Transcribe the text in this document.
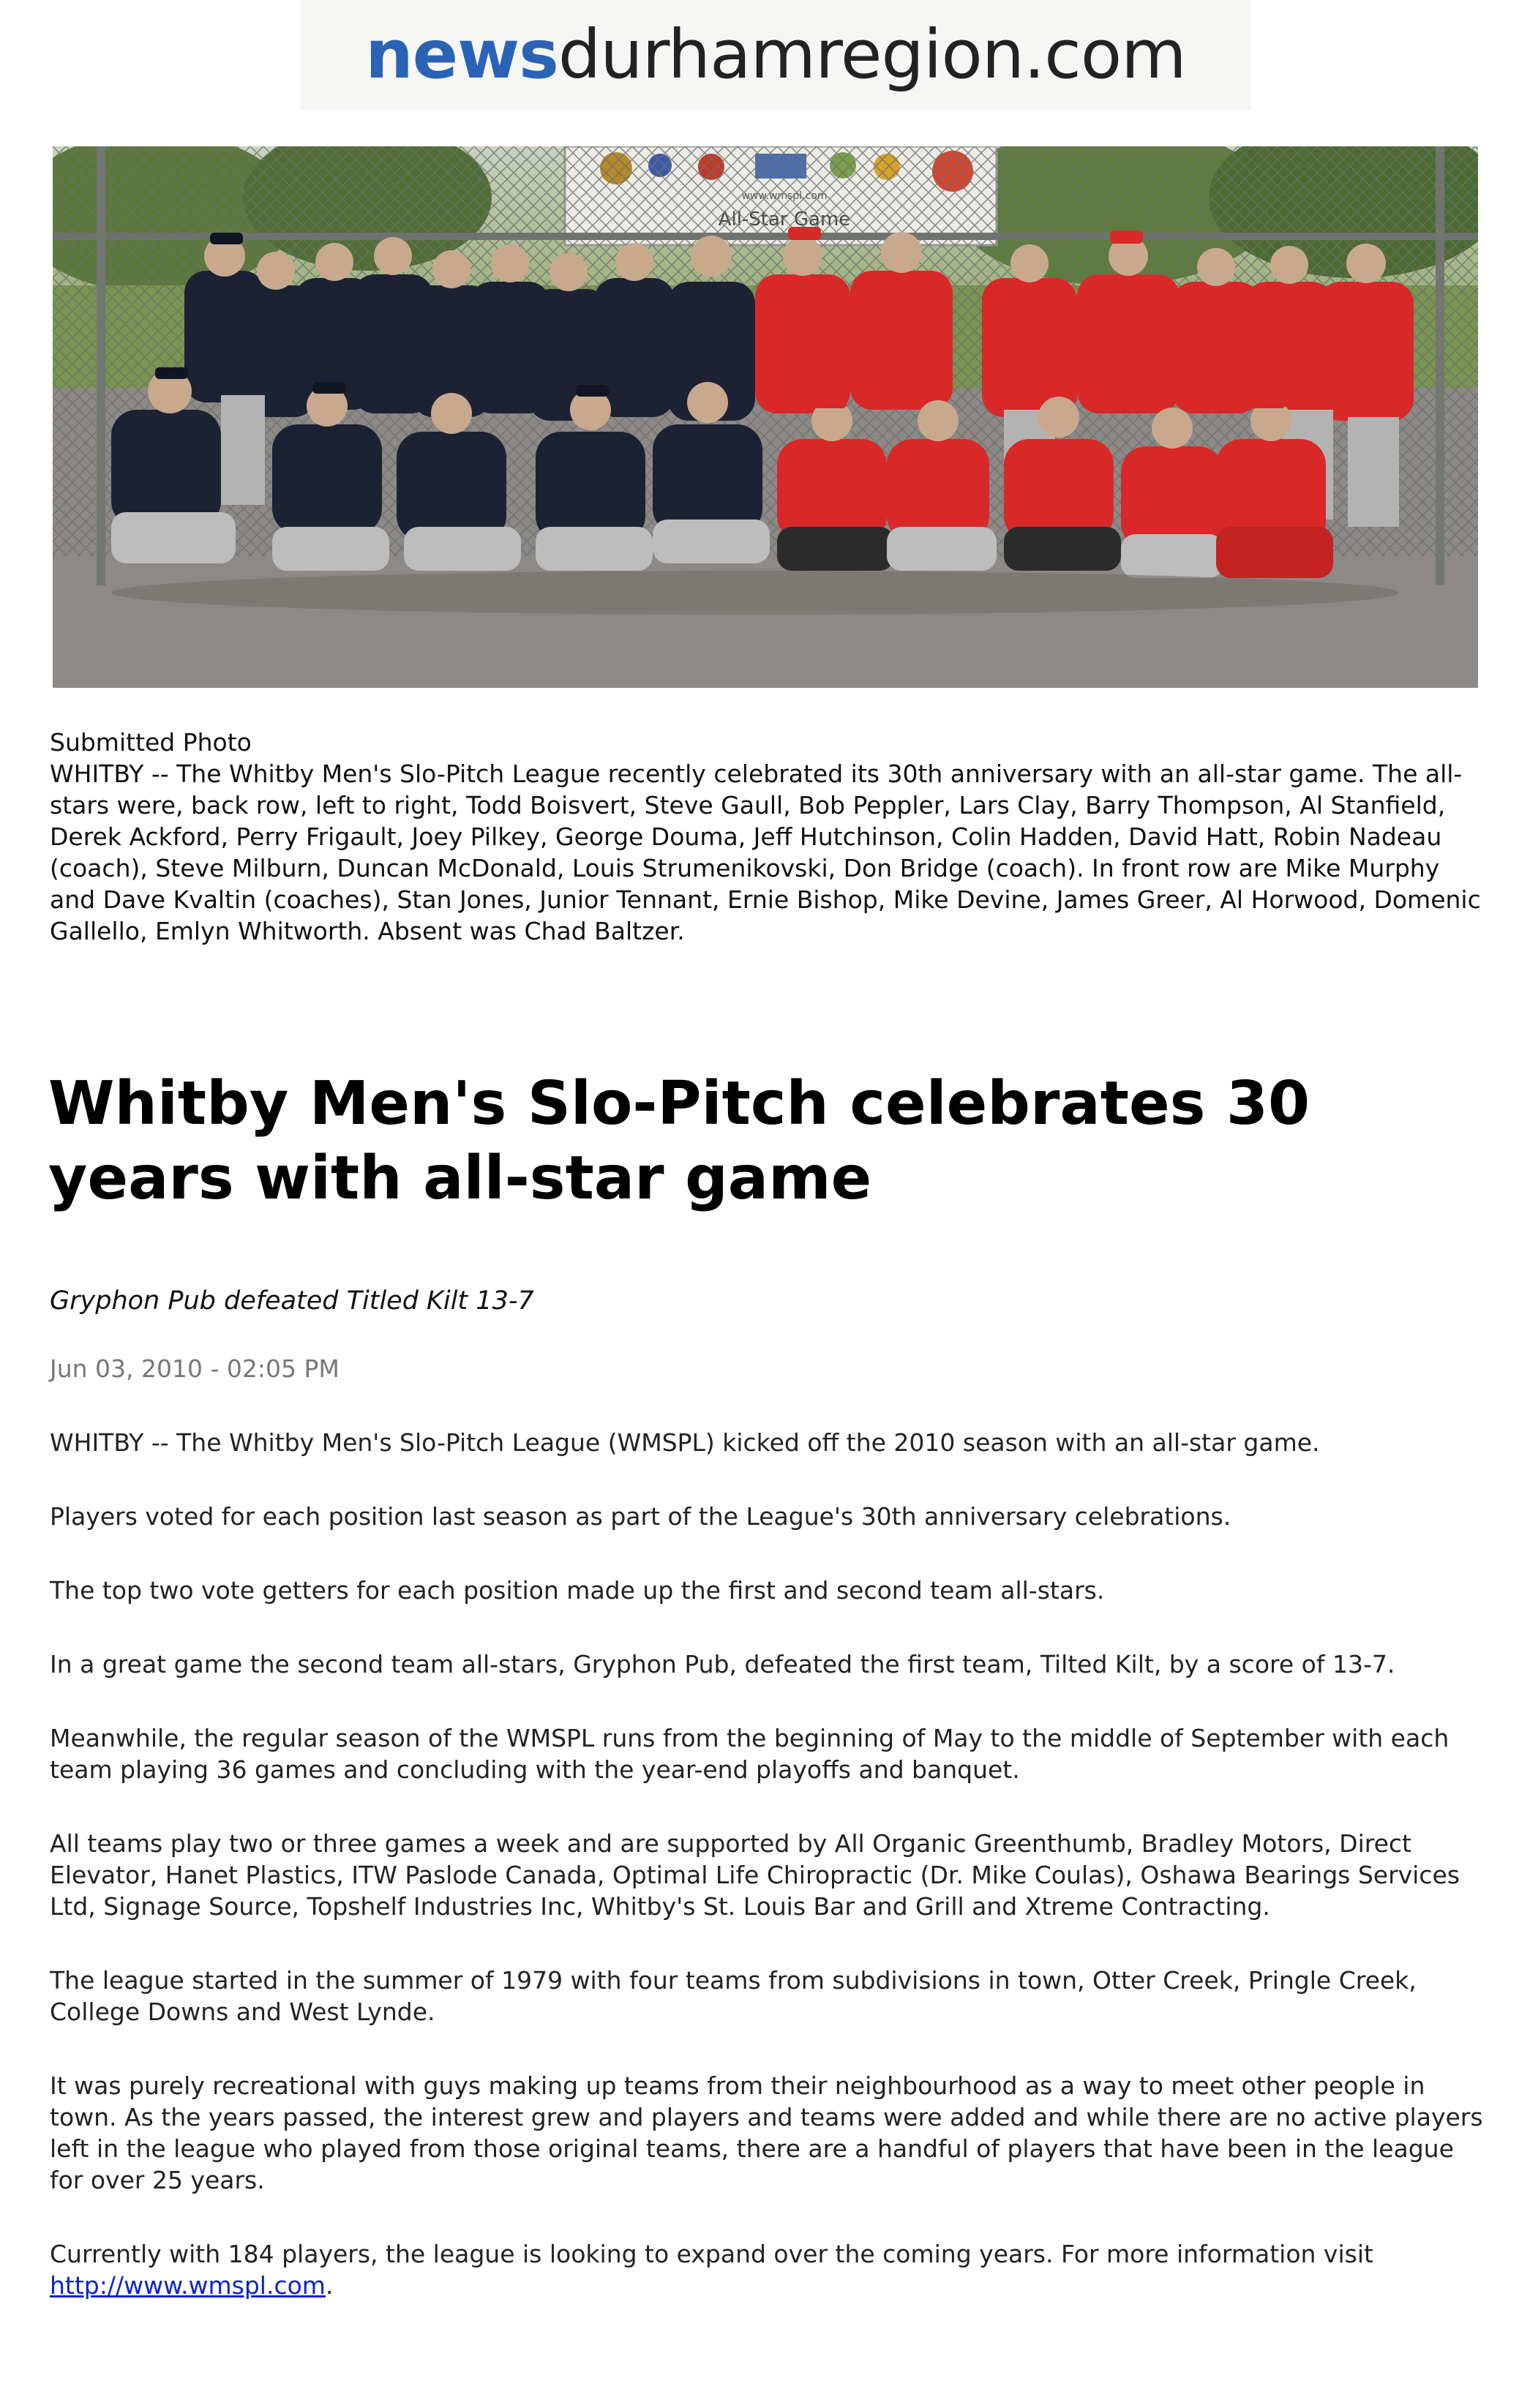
newsdurhamregion.com
Submitted Photo
WHITBY -- The Whitby Men's Slo-Pitch League recently celebrated its 30th anniversary with an all-star game. The all-stars were, back row, left to right, Todd Boisvert, Steve Gaull, Bob Peppler, Lars Clay, Barry Thompson, Al Stanfield, Derek Ackford, Perry Frigault, Joey Pilkey, George Douma, Jeff Hutchinson, Colin Hadden, David Hatt, Robin Nadeau (coach), Steve Milburn, Duncan McDonald, Louis Strumenikovski, Don Bridge (coach). In front row are Mike Murphy and Dave Kvaltin (coaches), Stan Jones, Junior Tennant, Ernie Bishop, Mike Devine, James Greer, Al Horwood, Domenic Gallello, Emlyn Whitworth. Absent was Chad Baltzer.
Whitby Men's Slo-Pitch celebrates 30 years with all-star game
Gryphon Pub defeated Titled Kilt 13-7
Jun 03, 2010 - 02:05 PM

WHITBY -- The Whitby Men's Slo-Pitch League (WMSPL) kicked off the 2010 season with an all-star game.

Players voted for each position last season as part of the League's 30th anniversary celebrations.

The top two vote getters for each position made up the first and second team all-stars.

In a great game the second team all-stars, Gryphon Pub, defeated the first team, Tilted Kilt, by a score of 13-7.

Meanwhile, the regular season of the WMSPL runs from the beginning of May to the middle of September with each team playing 36 games and concluding with the year-end playoffs and banquet.

All teams play two or three games a week and are supported by All Organic Greenthumb, Bradley Motors, Direct Elevator, Hanet Plastics, ITW Paslode Canada, Optimal Life Chiropractic (Dr. Mike Coulas), Oshawa Bearings Services Ltd, Signage Source, Topshelf Industries Inc, Whitby's St. Louis Bar and Grill and Xtreme Contracting.

The league started in the summer of 1979 with four teams from subdivisions in town, Otter Creek, Pringle Creek, College Downs and West Lynde.

It was purely recreational with guys making up teams from their neighbourhood as a way to meet other people in town. As the years passed, the interest grew and players and teams were added and while there are no active players left in the league who played from those original teams, there are a handful of players that have been in the league for over 25 years.

Currently with 184 players, the league is looking to expand over the coming years. For more information visit http://www.wmspl.com.
